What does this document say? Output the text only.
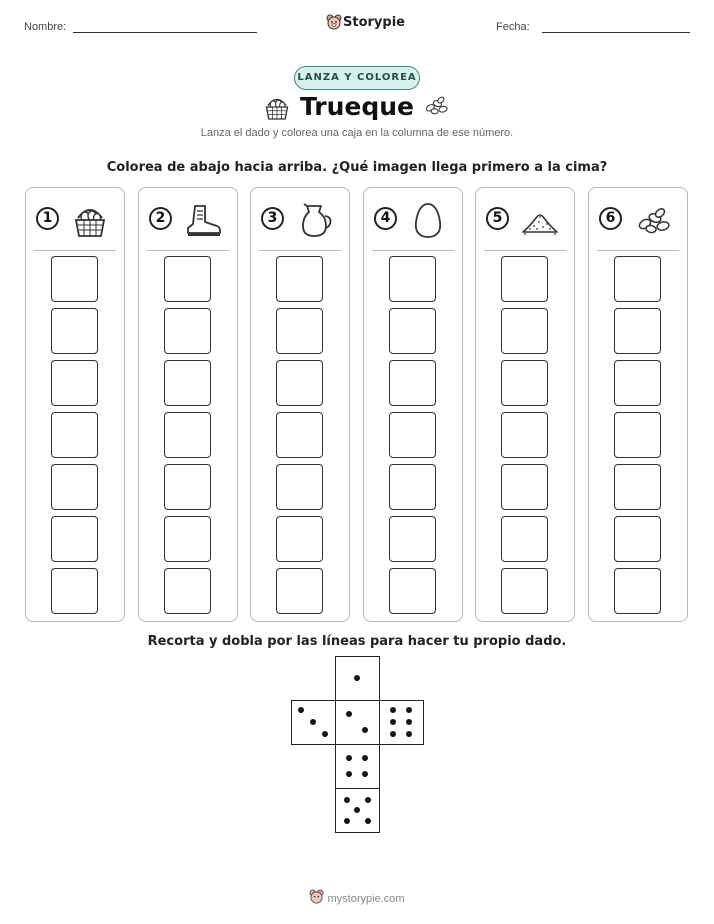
Nombre:	Storypie	Fecha:
LANZA Y COLOREA
Trueque
Lanza el dado y colorea una caja en la columna de ese número.
Colorea de abajo hacia arriba. ¿Qué imagen llega primero a la cima?
1	2	3	4	5	6
Recorta y dobla por las líneas para hacer tu propio dado.
mystorypie.com
